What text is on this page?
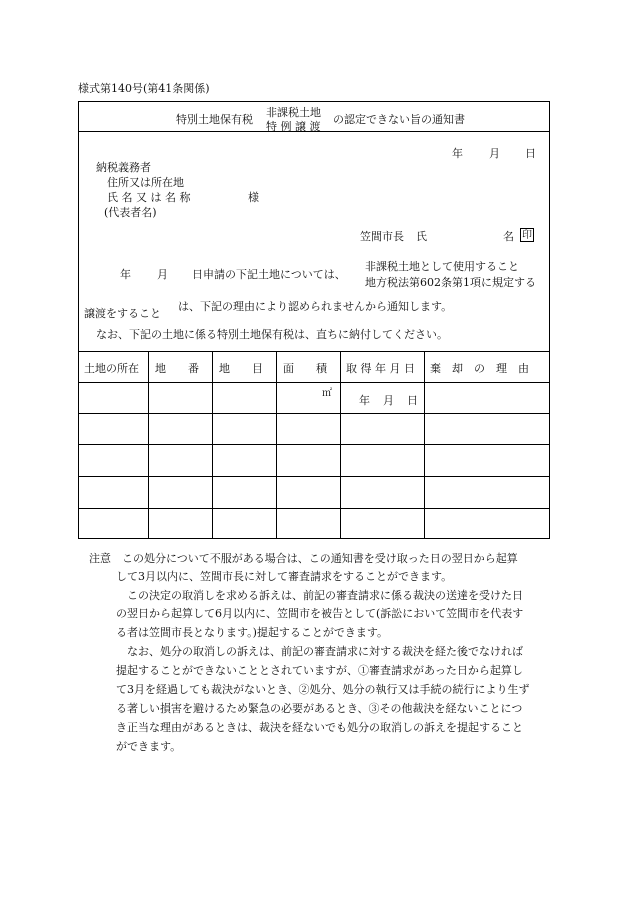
様式第140号(第41条関係)
特別土地保有税
非課税土地
特 例 譲 渡
の認定できない旨の通知書
年 月 日
納税義務者
住所又は所在地
氏 名 又 は 名 称	様
(代表者名)
笠間市長 氏	名 印
年 月 日申請の下記土地については、
非課税土地として使用すること
地方税法第602条第1項に規定する
譲渡をすること
は、下記の理由により認められませんから通知します。
なお、下記の土地に係る特別土地保有税は、直ちに納付してください。
土地の所在 地　　番 地　　目 面　　積 取 得 年 月 日 棄　却　の　理　由
㎡
年 月 日
注意　この処分について不服がある場合は、この通知書を受け取った日の翌日から起算
して3月以内に、笠間市長に対して審査請求をすることができます。
この決定の取消しを求める訴えは、前記の審査請求に係る裁決の送達を受けた日
の翌日から起算して6月以内に、笠間市を被告として(訴訟において笠間市を代表す
る者は笠間市長となります。)提起することができます。
なお、処分の取消しの訴えは、前記の審査請求に対する裁決を経た後でなければ
提起することができないこととされていますが、①審査請求があった日から起算し
て3月を経過しても裁決がないとき、②処分、処分の執行又は手続の続行により生ず
る著しい損害を避けるため緊急の必要があるとき、③その他裁決を経ないことにつ
き正当な理由があるときは、裁決を経ないでも処分の取消しの訴えを提起すること
ができます。
